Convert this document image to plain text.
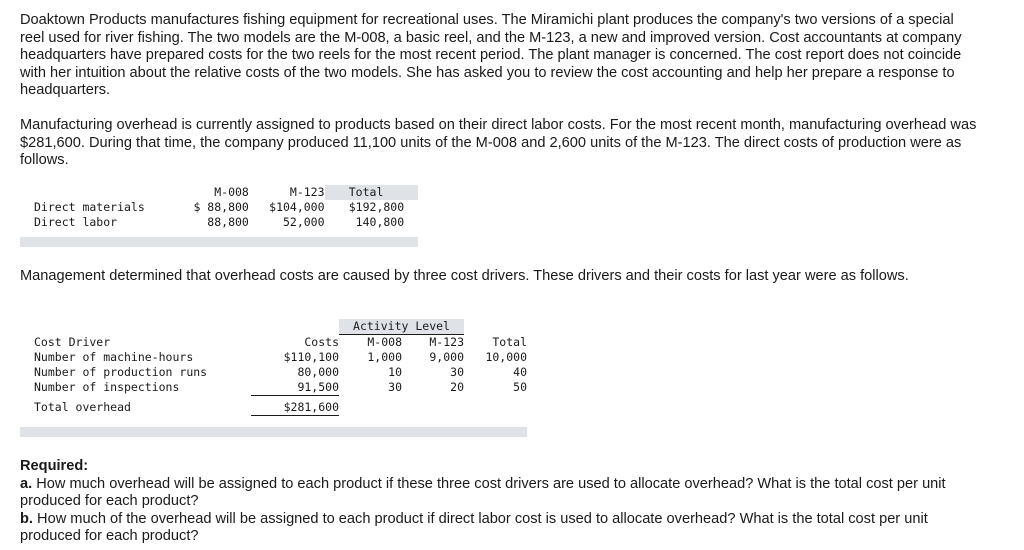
Doaktown Products manufactures fishing equipment for recreational uses. The Miramichi plant produces the company's two versions of a special reel used for river fishing. The two models are the M-008, a basic reel, and the M-123, a new and improved version. Cost accountants at company headquarters have prepared costs for the two reels for the most recent period. The plant manager is concerned. The cost report does not coincide with her intuition about the relative costs of the two models. She has asked you to review the cost accounting and help her prepare a response to headquarters.

Manufacturing overhead is currently assigned to products based on their direct labor costs. For the most recent month, manufacturing overhead was $281,600. During that time, the company produced 11,100 units of the M-008 and 2,600 units of the M-123. The direct costs of production were as follows.

	M-008	M-123	Total
Direct materials	$ 88,800	$104,000	$192,800
Direct labor	88,800	52,000	140,800

Management determined that overhead costs are caused by three cost drivers. These drivers and their costs for last year were as follows.

		Activity Level		
Cost Driver	Costs	M-008	M-123	Total
Number of machine-hours	$110,100	1,000	9,000	10,000
Number of production runs	80,000	10	30	40
Number of inspections	91,500	30	20	50

Total overhead	$281,600			
Required:
a. How much overhead will be assigned to each product if these three cost drivers are used to allocate overhead? What is the total cost per unit produced for each product?
b. How much of the overhead will be assigned to each product if direct labor cost is used to allocate overhead? What is the total cost per unit produced for each product?
